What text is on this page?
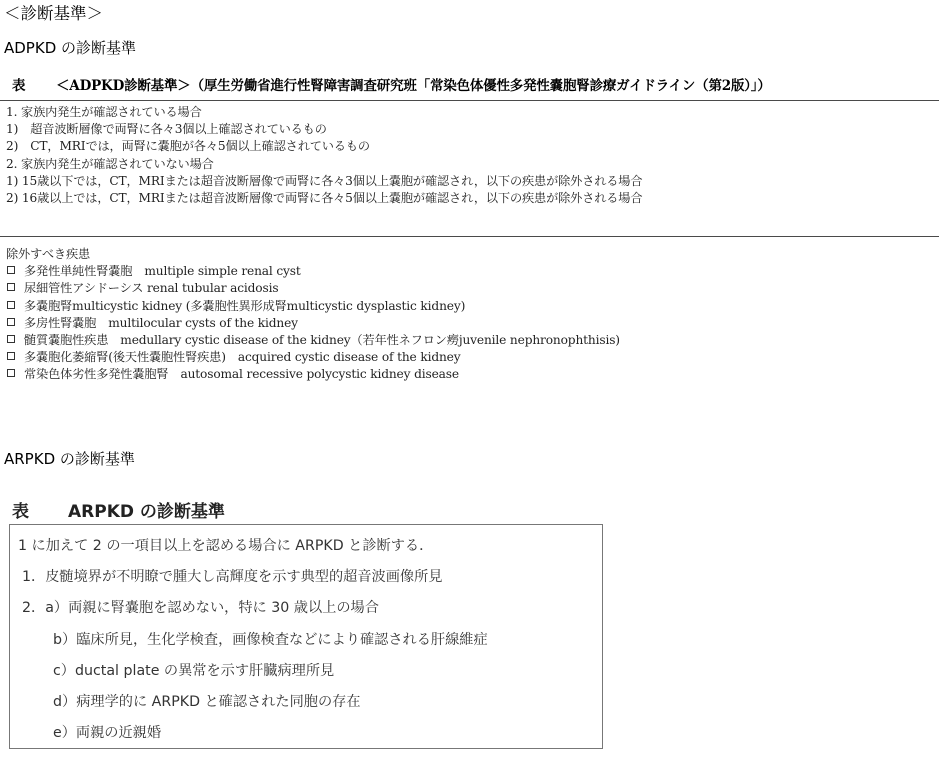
＜診断基準＞
ADPKD の診断基準
表 ＜ADPKD診断基準＞（厚生労働省進行性腎障害調査研究班「常染色体優性多発性嚢胞腎診療ガイドライン（第2版）」）
1. 家族内発生が確認されている場合
1)　超音波断層像で両腎に各々3個以上確認されているもの
2)　CT，MRIでは，両腎に嚢胞が各々5個以上確認されているもの
2. 家族内発生が確認されていない場合
1) 15歳以下では，CT，MRIまたは超音波断層像で両腎に各々3個以上嚢胞が確認され，以下の疾患が除外される場合
2) 16歳以上では，CT，MRIまたは超音波断層像で両腎に各々5個以上嚢胞が確認され，以下の疾患が除外される場合
除外すべき疾患
多発性単純性腎嚢胞　multiple simple renal cyst
尿細管性アシドーシス renal tubular acidosis
多嚢胞腎multicystic kidney (多嚢胞性異形成腎multicystic dysplastic kidney)
多房性腎嚢胞　multilocular cysts of the kidney
髄質嚢胞性疾患　medullary cystic disease of the kidney（若年性ネフロン癆juvenile nephronophthisis)
多嚢胞化萎縮腎(後天性嚢胞性腎疾患)　acquired cystic disease of the kidney
常染色体劣性多発性嚢胞腎　autosomal recessive polycystic kidney disease
ARPKD の診断基準
表 ARPKD の診断基準
1 に加えて 2 の一項目以上を認める場合に ARPKD と診断する．
1．皮髄境界が不明瞭で腫大し高輝度を示す典型的超音波画像所見
2．a）両親に腎嚢胞を認めない，特に 30 歳以上の場合
b）臨床所見，生化学検査，画像検査などにより確認される肝線維症
c）ductal plate の異常を示す肝臓病理所見
d）病理学的に ARPKD と確認された同胞の存在
e）両親の近親婚
